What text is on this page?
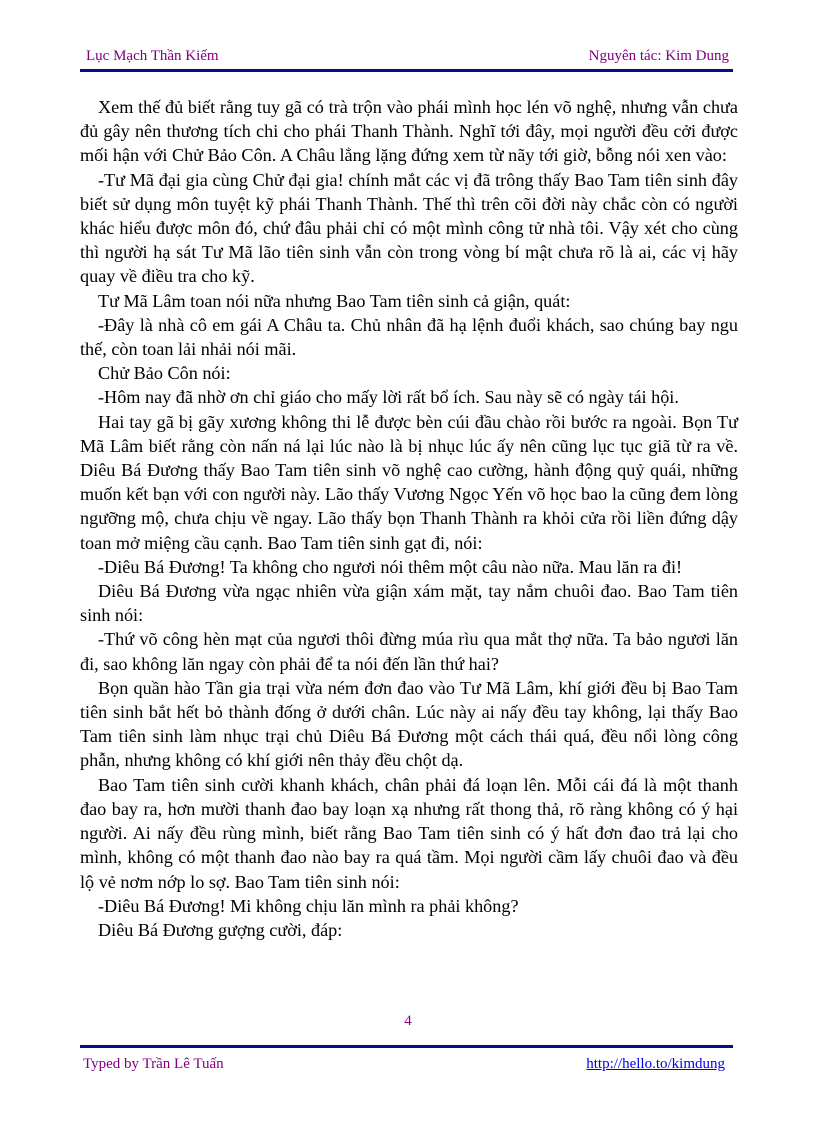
Lục Mạch Thần Kiếm	Nguyên tác: Kim Dung

Xem thế đủ biết rằng tuy gã có trà trộn vào phái mình học lén võ nghệ, nhưng vẫn chưa đủ gây nên thương tích chi cho phái Thanh Thành. Nghĩ tới đây, mọi người đều cởi được mối hận với Chử Bảo Côn. A Châu lẳng lặng đứng xem từ nãy tới giờ, bỗng nói xen vào:

-Tư Mã đại gia cùng Chử đại gia! chính mắt các vị đã trông thấy Bao Tam tiên sinh đây biết sử dụng môn tuyệt kỹ phái Thanh Thành. Thế thì trên cõi đời này chắc còn có người khác hiểu được môn đó, chứ đâu phải chỉ có một mình công tử nhà tôi. Vậy xét cho cùng thì người hạ sát Tư Mã lão tiên sinh vẫn còn trong vòng bí mật chưa rõ là ai, các vị hãy quay về điều tra cho kỹ.

Tư Mã Lâm toan nói nữa nhưng Bao Tam tiên sinh cả giận, quát:

-Đây là nhà cô em gái A Châu ta. Chủ nhân đã hạ lệnh đuổi khách, sao chúng bay ngu thế, còn toan lải nhải nói mãi.

Chử Bảo Côn nói:

-Hôm nay đã nhờ ơn chỉ giáo cho mấy lời rất bổ ích. Sau này sẽ có ngày tái hội.

Hai tay gã bị gãy xương không thi lễ được bèn cúi đầu chào rồi bước ra ngoài. Bọn Tư Mã Lâm biết rằng còn nấn ná lại lúc nào là bị nhục lúc ấy nên cũng lục tục giã từ ra về. Diêu Bá Đương thấy Bao Tam tiên sinh võ nghệ cao cường, hành động quỷ quái, những muốn kết bạn với con người này. Lão thấy Vương Ngọc Yến võ học bao la cũng đem lòng ngưỡng mộ, chưa chịu về ngay. Lão thấy bọn Thanh Thành ra khỏi cửa rồi liền đứng dậy toan mở miệng cầu cạnh. Bao Tam tiên sinh gạt đi, nói:

-Diêu Bá Đương! Ta không cho ngươi nói thêm một câu nào nữa. Mau lăn ra đi!

Diêu Bá Đương vừa ngạc nhiên vừa giận xám mặt, tay nắm chuôi đao. Bao Tam tiên sinh nói:

-Thứ võ công hèn mạt của ngươi thôi đừng múa rìu qua mắt thợ nữa. Ta bảo ngươi lăn đi, sao không lăn ngay còn phải để ta nói đến lần thứ hai?

Bọn quần hào Tần gia trại vừa ném đơn đao vào Tư Mã Lâm, khí giới đều bị Bao Tam tiên sinh bắt hết bỏ thành đống ở dưới chân. Lúc này ai nấy đều tay không, lại thấy Bao Tam tiên sinh làm nhục trại chủ Diêu Bá Đương một cách thái quá, đều nổi lòng công phẫn, nhưng không có khí giới nên thảy đều chột dạ.

Bao Tam tiên sinh cười khanh khách, chân phải đá loạn lên. Mỗi cái đá là một thanh đao bay ra, hơn mười thanh đao bay loạn xạ nhưng rất thong thả, rõ ràng không có ý hại người. Ai nấy đều rùng mình, biết rằng Bao Tam tiên sinh có ý hất đơn đao trả lại cho mình, không có một thanh đao nào bay ra quá tầm. Mọi người cầm lấy chuôi đao và đều lộ vẻ nơm nớp lo sợ. Bao Tam tiên sinh nói:

-Diêu Bá Đương! Mi không chịu lăn mình ra phải không?

Diêu Bá Đương gượng cười, đáp:

4
Typed by Trần Lê Tuấn	http://hello.to/kimdung
